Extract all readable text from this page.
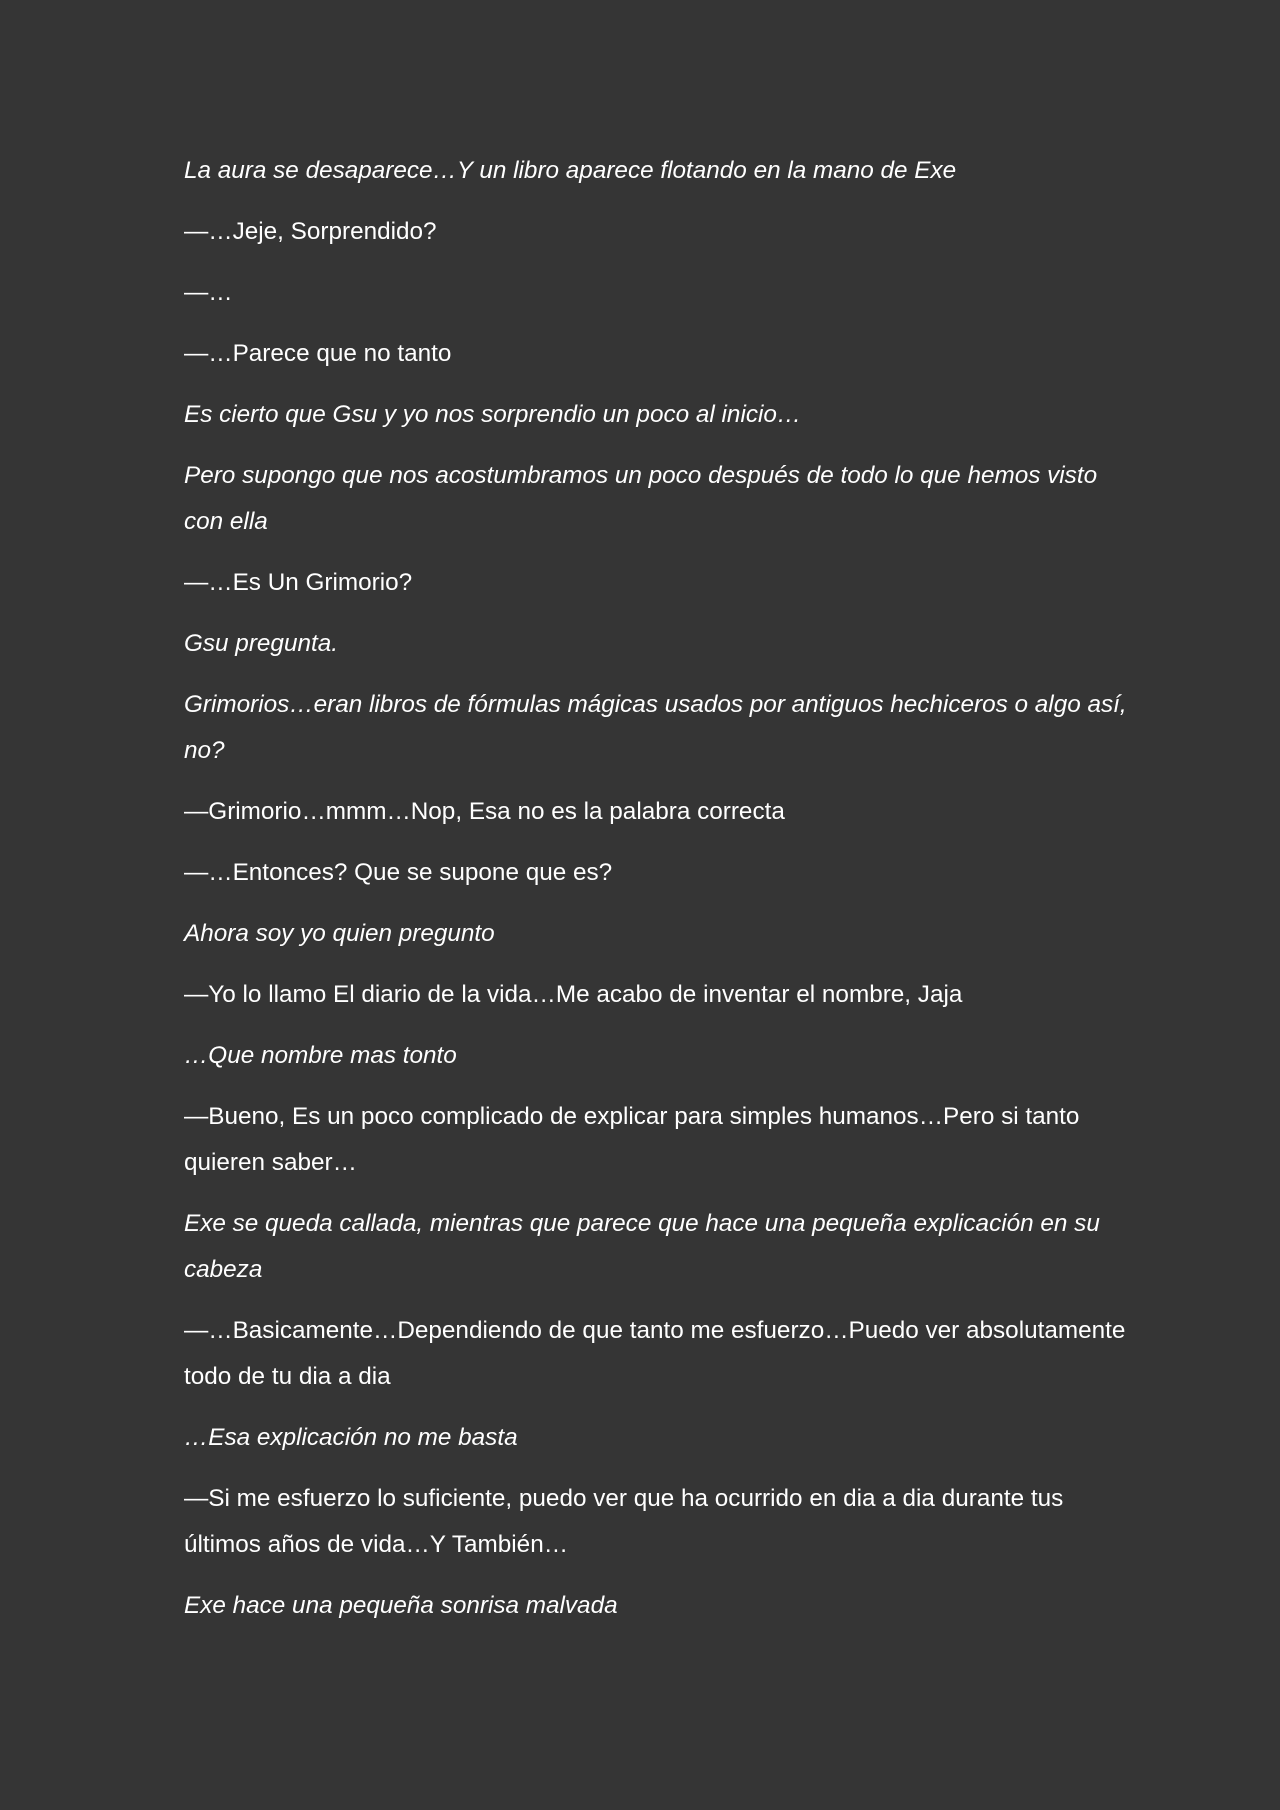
La aura se desaparece…Y un libro aparece flotando en la mano de Exe

—…Jeje, Sorprendido?

—…

—…Parece que no tanto

Es cierto que Gsu y yo nos sorprendio un poco al inicio…

Pero supongo que nos acostumbramos un poco después de todo lo que hemos visto con ella

—…Es Un Grimorio?

Gsu pregunta.

Grimorios…eran libros de fórmulas mágicas usados por antiguos hechiceros o algo así, no?

—Grimorio…mmm…Nop, Esa no es la palabra correcta

—…Entonces? Que se supone que es?

Ahora soy yo quien pregunto

—Yo lo llamo El diario de la vida…Me acabo de inventar el nombre, Jaja

…Que nombre mas tonto

—Bueno, Es un poco complicado de explicar para simples humanos…Pero si tanto quieren saber…

Exe se queda callada, mientras que parece que hace una pequeña explicación en su cabeza

—…Basicamente…Dependiendo de que tanto me esfuerzo…Puedo ver absolutamente todo de tu dia a dia

…Esa explicación no me basta

—Si me esfuerzo lo suficiente, puedo ver que ha ocurrido en dia a dia durante tus últimos años de vida…Y También…

Exe hace una pequeña sonrisa malvada
